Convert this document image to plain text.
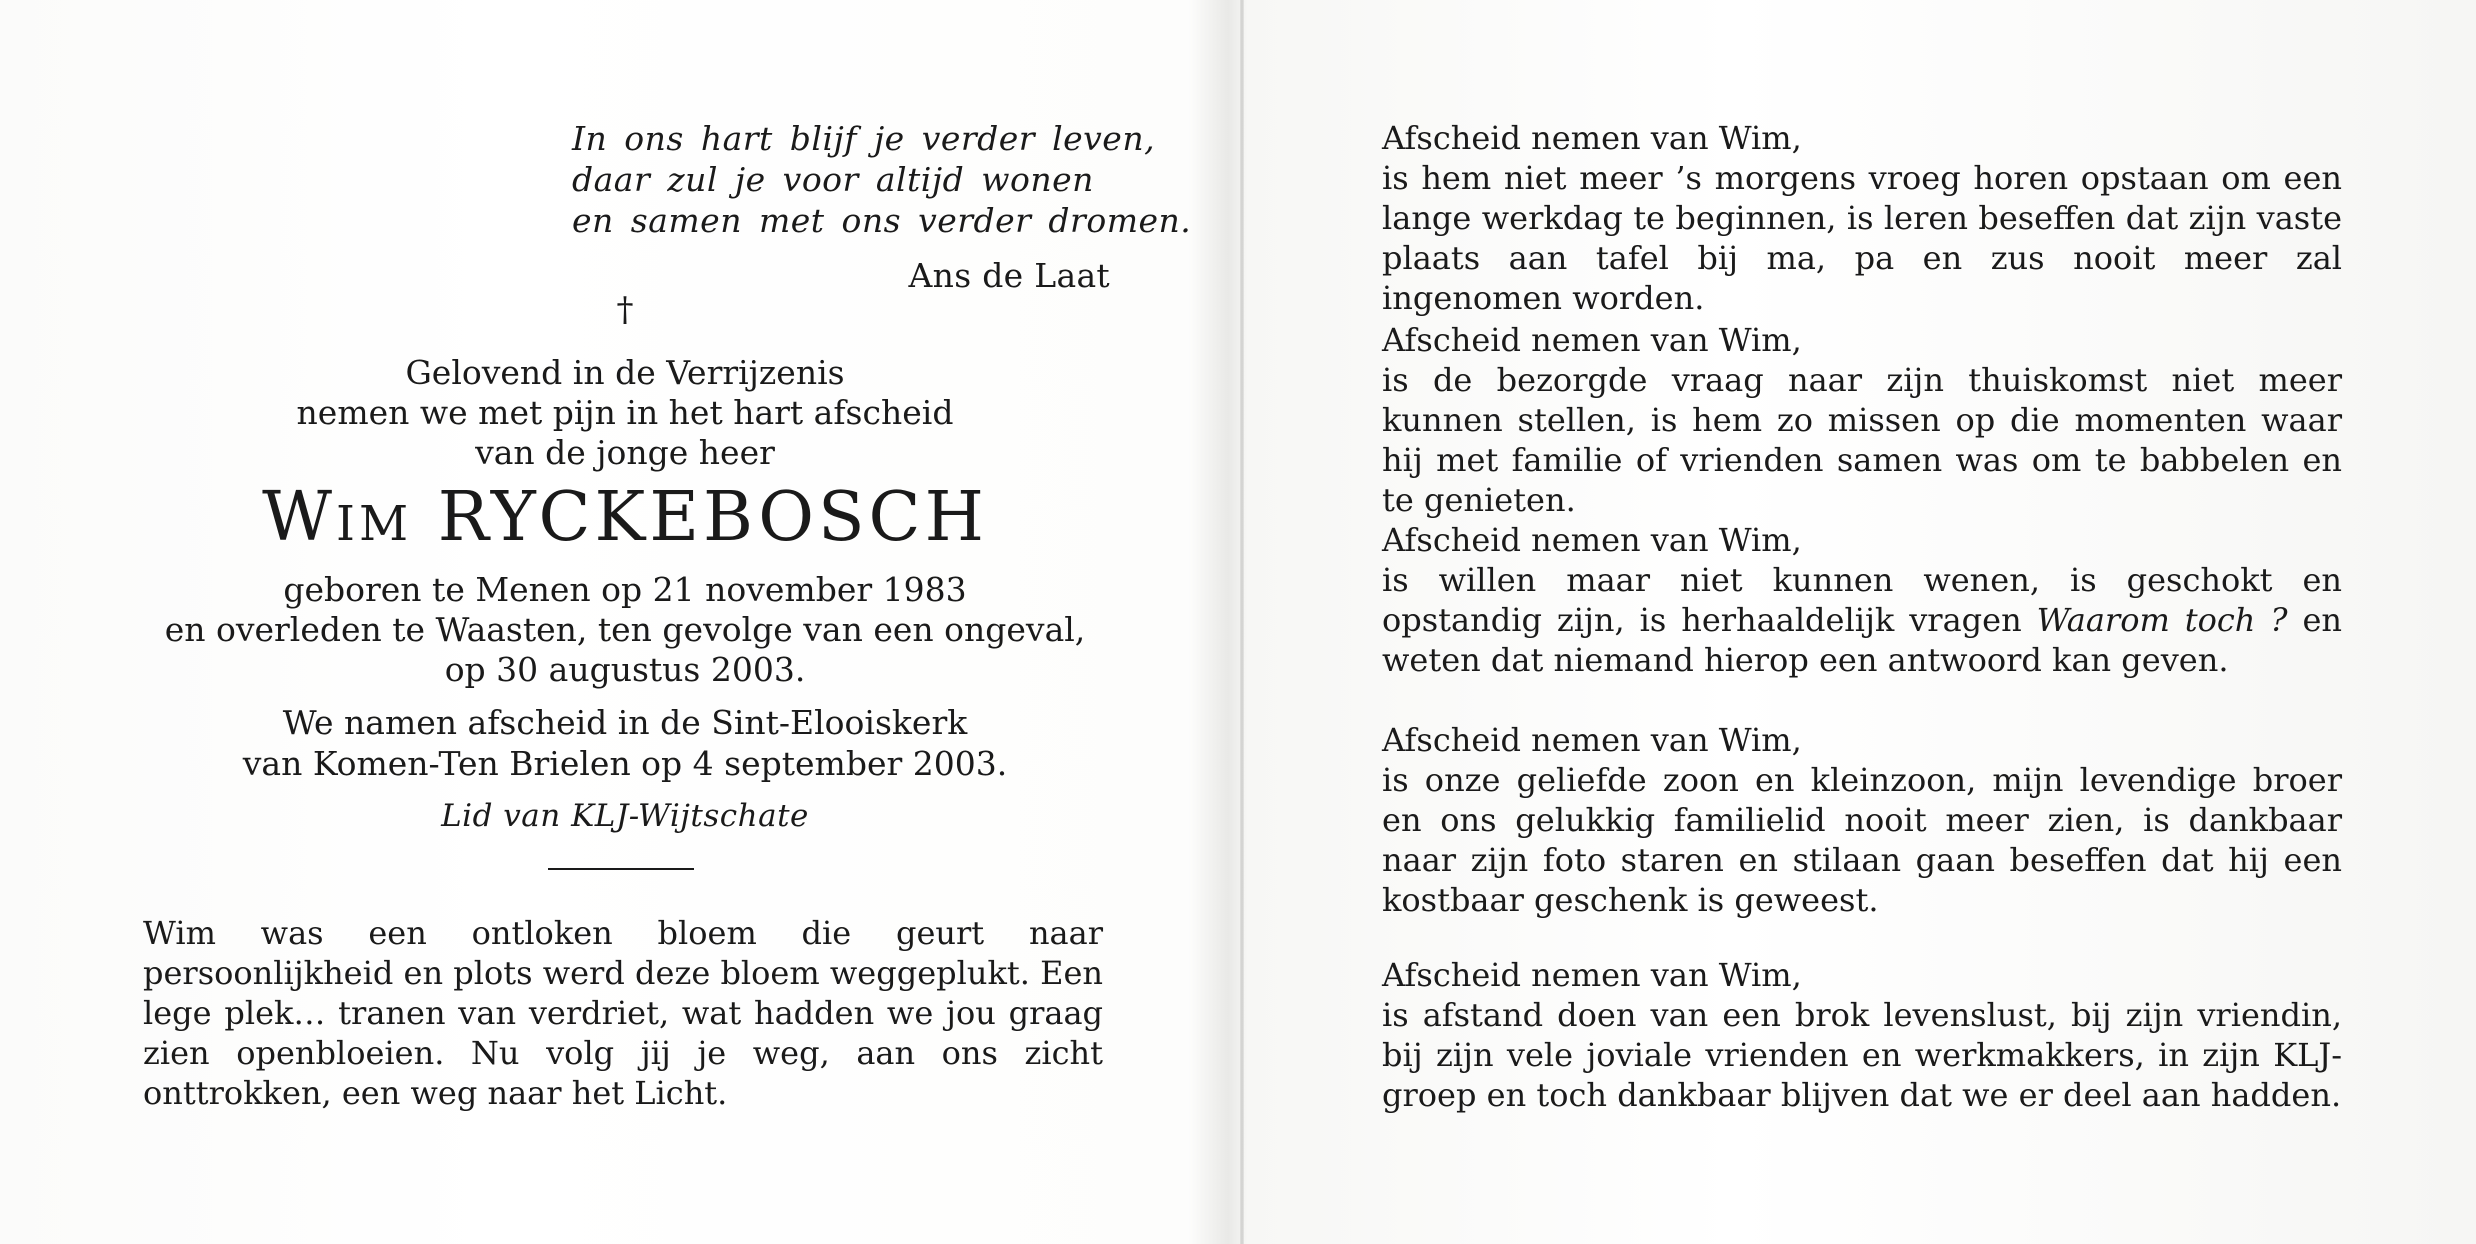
In ons hart blijf je verder leven,
daar zul je voor altijd wonen
en samen met ons verder dromen.
Ans de Laat
†
Gelovend in de Verrijzenis
nemen we met pijn in het hart afscheid
van de jonge heer
Wim RYCKEBOSCH
geboren te Menen op 21 november 1983
en overleden te Waasten, ten gevolge van een ongeval,
op 30 augustus 2003.
We namen afscheid in de Sint-Elooiskerk
van Komen-Ten Brielen op 4 september 2003.
Lid van KLJ-Wijtschate
Wim was een ontloken bloem die geurt naar persoonlijkheid en plots werd deze bloem weggeplukt. Een lege plek… tranen van verdriet, wat hadden we jou graag zien openbloeien. Nu volg jij je weg, aan ons zicht onttrokken, een weg naar het Licht.
Afscheid nemen van Wim,
is hem niet meer ’s morgens vroeg horen opstaan om een lange werkdag te beginnen, is leren beseffen dat zijn vaste plaats aan tafel bij ma, pa en zus nooit meer zal ingenomen worden.
Afscheid nemen van Wim,
is de bezorgde vraag naar zijn thuiskomst niet meer kunnen stellen, is hem zo missen op die momenten waar hij met familie of vrienden samen was om te babbelen en te genieten.
Afscheid nemen van Wim,
is willen maar niet kunnen wenen, is geschokt en opstandig zijn, is herhaaldelijk vragen Waarom toch ? en weten dat niemand hierop een antwoord kan geven.
Afscheid nemen van Wim,
is onze geliefde zoon en kleinzoon, mijn levendige broer en ons gelukkig familielid nooit meer zien, is dankbaar naar zijn foto staren en stilaan gaan beseffen dat hij een kostbaar geschenk is geweest.
Afscheid nemen van Wim,
is afstand doen van een brok levenslust, bij zijn vriendin, bij zijn vele joviale vrienden en werkmakkers, in zijn KLJ-groep en toch dankbaar blijven dat we er deel aan hadden.
